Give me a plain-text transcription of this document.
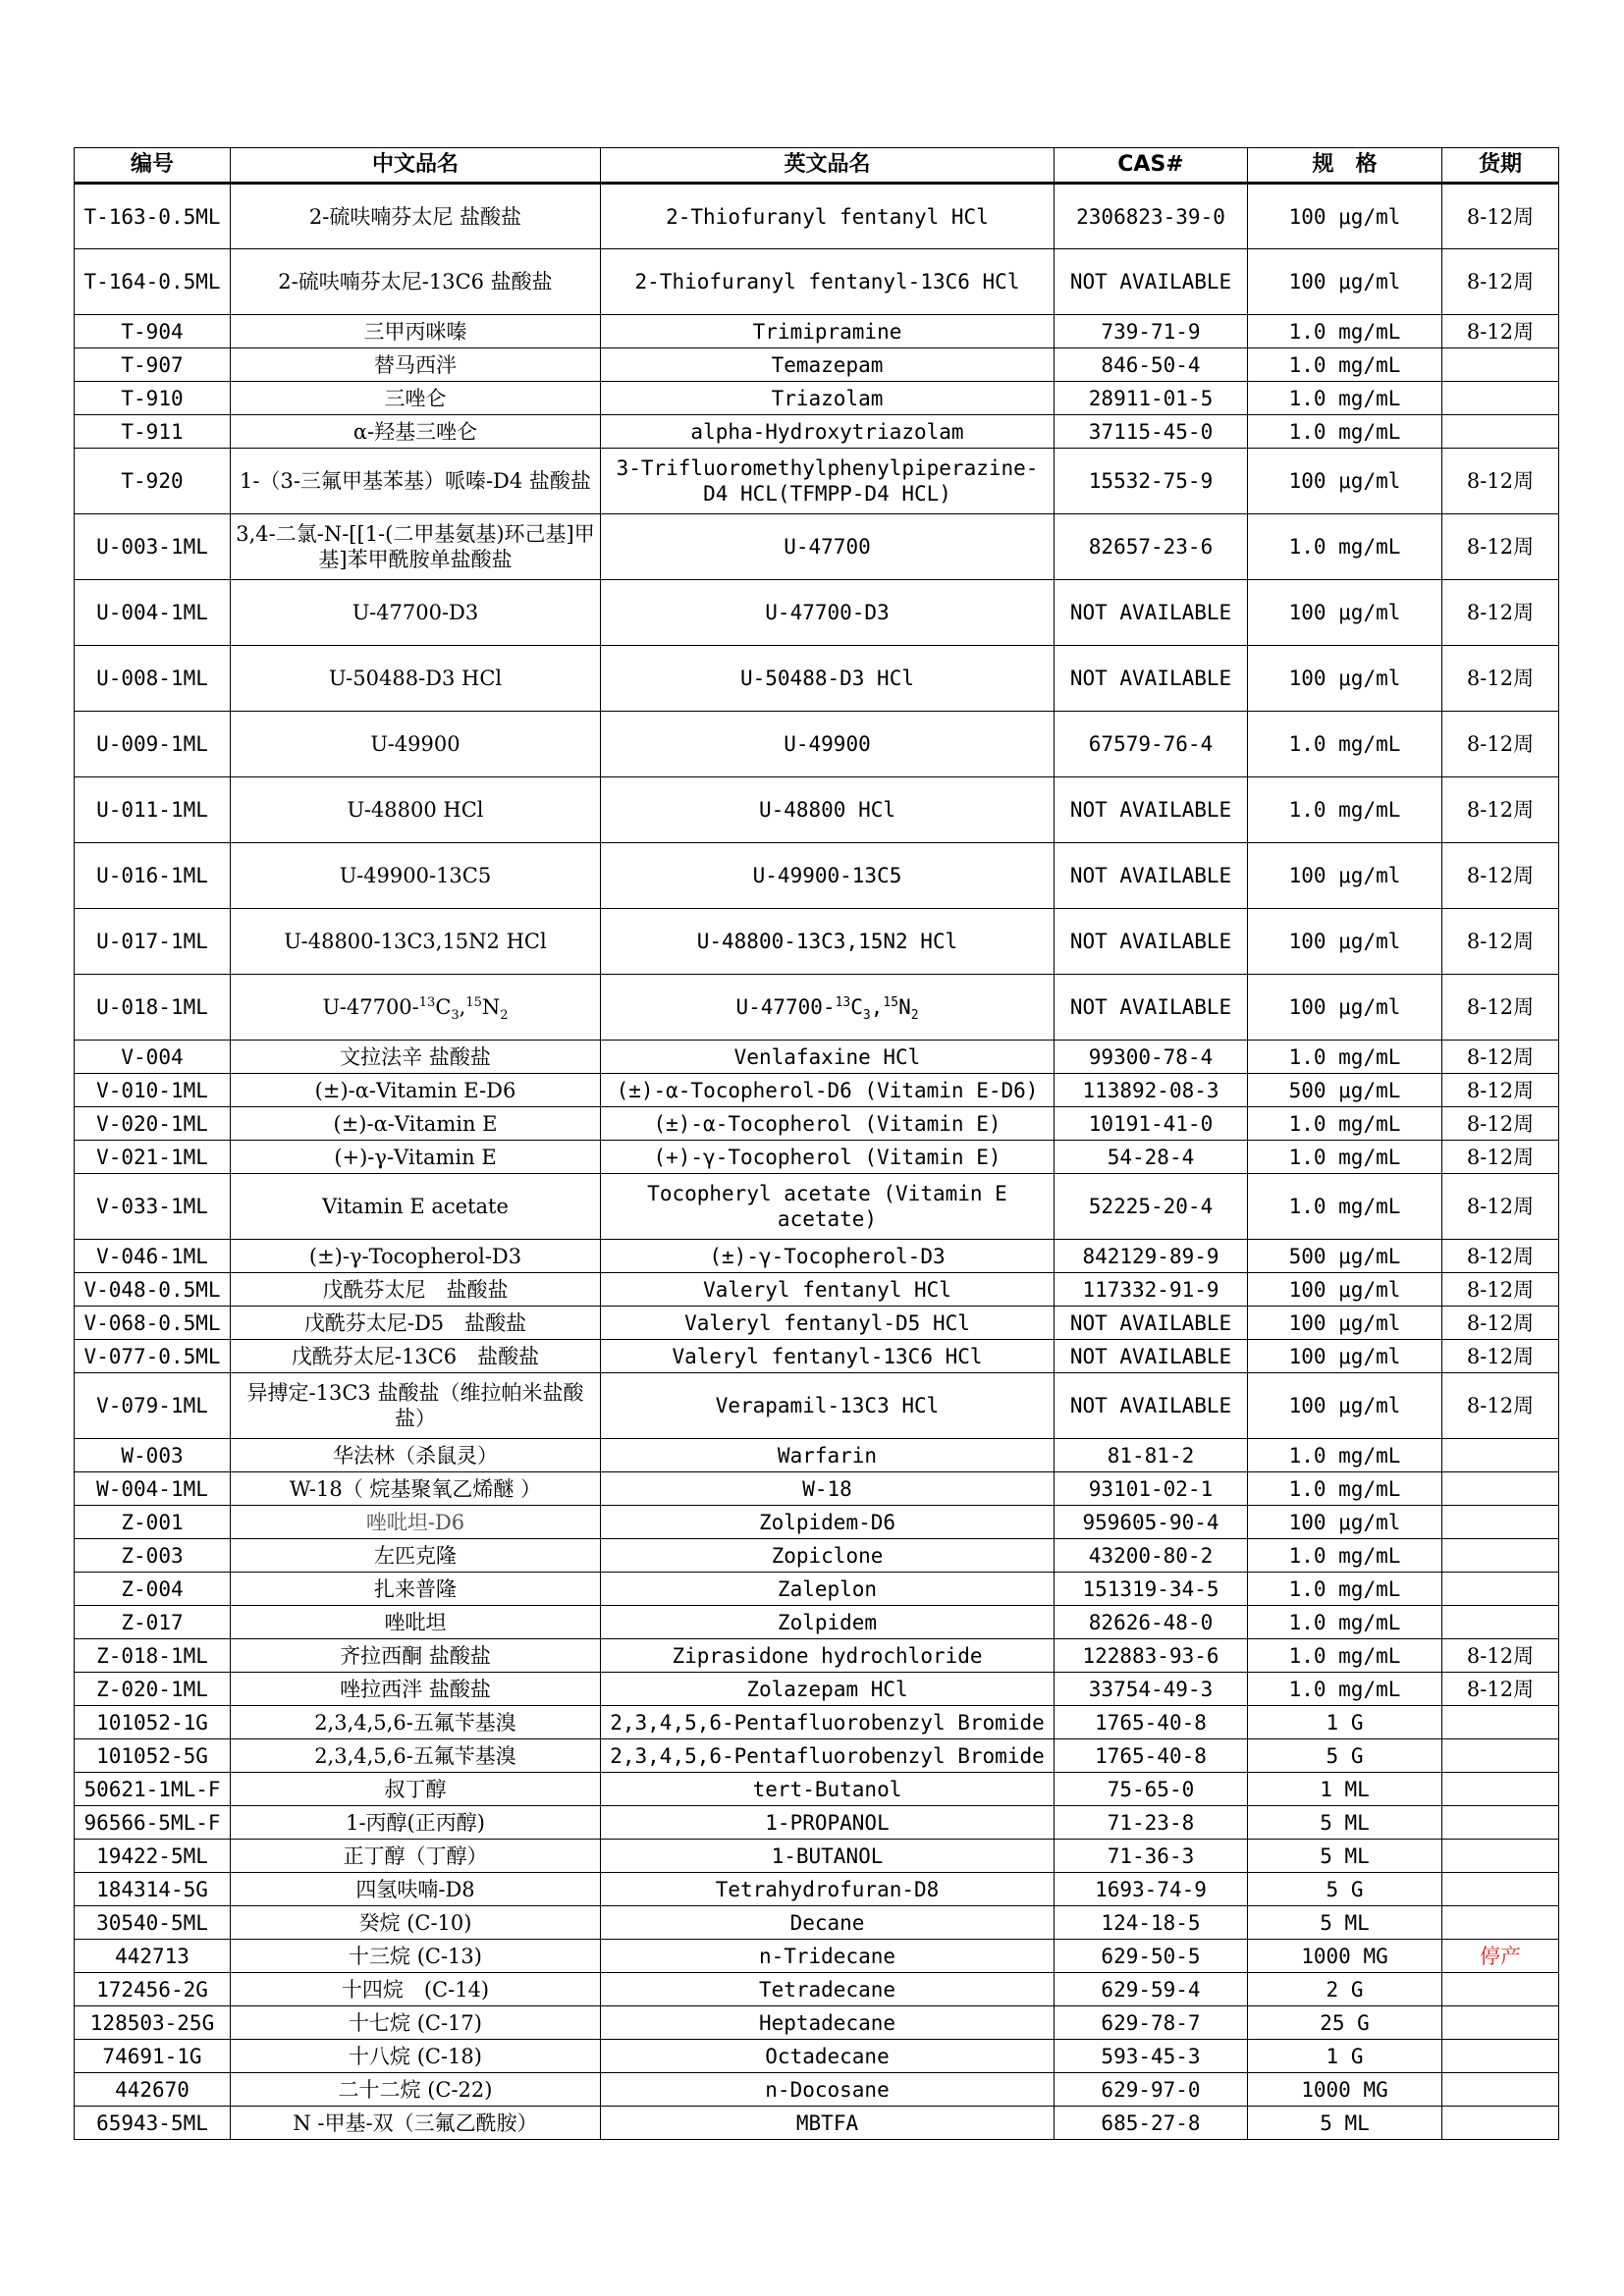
编号	中文品名	英文品名	CAS#	规　格	货期
T-163-0.5ML	2-硫呋喃芬太尼 盐酸盐	2-Thiofuranyl fentanyl HCl	2306823-39-0	100 μg/ml	8-12周
T-164-0.5ML	2-硫呋喃芬太尼-13C6 盐酸盐	2-Thiofuranyl fentanyl-13C6 HCl	NOT AVAILABLE	100 μg/ml	8-12周
T-904	三甲丙咪嗪	Trimipramine	739-71-9	1.0 mg/mL	8-12周
T-907	替马西泮	Temazepam	846-50-4	1.0 mg/mL	
T-910	三唑仑	Triazolam	28911-01-5	1.0 mg/mL	
T-911	α-羟基三唑仑	alpha-Hydroxytriazolam	37115-45-0	1.0 mg/mL	
T-920	1-（3-三氟甲基苯基）哌嗪-D4 盐酸盐	3-Trifluoromethylphenylpiperazine-D4 HCL(TFMPP-D4 HCL)	15532-75-9	100 μg/ml	8-12周
U-003-1ML	3,4-二氯-N-[[1-(二甲基氨基)环己基]甲基]苯甲酰胺单盐酸盐	U-47700	82657-23-6	1.0 mg/mL	8-12周
U-004-1ML	U-47700-D3	U-47700-D3	NOT AVAILABLE	100 μg/ml	8-12周
U-008-1ML	U-50488-D3 HCl	U-50488-D3 HCl	NOT AVAILABLE	100 μg/ml	8-12周
U-009-1ML	U-49900	U-49900	67579-76-4	1.0 mg/mL	8-12周
U-011-1ML	U-48800 HCl	U-48800 HCl	NOT AVAILABLE	1.0 mg/mL	8-12周
U-016-1ML	U-49900-13C5	U-49900-13C5	NOT AVAILABLE	100 μg/ml	8-12周
U-017-1ML	U-48800-13C3,15N2 HCl	U-48800-13C3,15N2 HCl	NOT AVAILABLE	100 μg/ml	8-12周
U-018-1ML	$U-47700-^{13}C_3,^{15}N_2$	$U-47700-^{13}C_3,^{15}N_2$	NOT AVAILABLE	100 μg/ml	8-12周
V-004	文拉法辛 盐酸盐	Venlafaxine HCl	99300-78-4	1.0 mg/mL	8-12周
V-010-1ML	(±)-α-Vitamin E-D6	(±)-α-Tocopherol-D6 (Vitamin E-D6)	113892-08-3	500 μg/mL	8-12周
V-020-1ML	(±)-α-Vitamin E	(±)-α-Tocopherol (Vitamin E)	10191-41-0	1.0 mg/mL	8-12周
V-021-1ML	(+)-γ-Vitamin E	(+)-γ-Tocopherol (Vitamin E)	54-28-4	1.0 mg/mL	8-12周
V-033-1ML	Vitamin E acetate	Tocopheryl acetate (Vitamin E acetate)	52225-20-4	1.0 mg/mL	8-12周
V-046-1ML	(±)-γ-Tocopherol-D3	(±)-γ-Tocopherol-D3	842129-89-9	500 μg/mL	8-12周
V-048-0.5ML	戊酰芬太尼　盐酸盐	Valeryl fentanyl HCl	117332-91-9	100 μg/ml	8-12周
V-068-0.5ML	戊酰芬太尼-D5　盐酸盐	Valeryl fentanyl-D5 HCl	NOT AVAILABLE	100 μg/ml	8-12周
V-077-0.5ML	戊酰芬太尼-13C6　盐酸盐	Valeryl fentanyl-13C6 HCl	NOT AVAILABLE	100 μg/ml	8-12周
V-079-1ML	异搏定-13C3 盐酸盐（维拉帕米盐酸盐）	Verapamil-13C3 HCl	NOT AVAILABLE	100 μg/ml	8-12周
W-003	华法林（杀鼠灵）	Warfarin	81-81-2	1.0 mg/mL	
W-004-1ML	W-18（ 烷基聚氧乙烯醚 ）	W-18	93101-02-1	1.0 mg/mL	
Z-001	唑吡坦-D6	Zolpidem-D6	959605-90-4	100 μg/ml	
Z-003	左匹克隆	Zopiclone	43200-80-2	1.0 mg/mL	
Z-004	扎来普隆	Zaleplon	151319-34-5	1.0 mg/mL	
Z-017	唑吡坦	Zolpidem	82626-48-0	1.0 mg/mL	
Z-018-1ML	齐拉西酮 盐酸盐	Ziprasidone hydrochloride	122883-93-6	1.0 mg/mL	8-12周
Z-020-1ML	唑拉西泮 盐酸盐	Zolazepam HCl	33754-49-3	1.0 mg/mL	8-12周
101052-1G	2,3,4,5,6-五氟苄基溴	2,3,4,5,6-Pentafluorobenzyl Bromide	1765-40-8	1 G	
101052-5G	2,3,4,5,6-五氟苄基溴	2,3,4,5,6-Pentafluorobenzyl Bromide	1765-40-8	5 G	
50621-1ML-F	叔丁醇	tert-Butanol	75-65-0	1 ML	
96566-5ML-F	1-丙醇(正丙醇)	1-PROPANOL	71-23-8	5 ML	
19422-5ML	正丁醇（丁醇）	1-BUTANOL	71-36-3	5 ML	
184314-5G	四氢呋喃-D8	Tetrahydrofuran-D8	1693-74-9	5 G	
30540-5ML	癸烷 (C-10)	Decane	124-18-5	5 ML	
442713	十三烷 (C-13)	n-Tridecane	629-50-5	1000 MG	停产
172456-2G	十四烷　(C-14)	Tetradecane	629-59-4	2 G	
128503-25G	十七烷 (C-17)	Heptadecane	629-78-7	25 G	
74691-1G	十八烷 (C-18)	Octadecane	593-45-3	1 G	
442670	二十二烷 (C-22)	n-Docosane	629-97-0	1000 MG	
65943-5ML	N -甲基-双（三氟乙酰胺）	MBTFA	685-27-8	5 ML	
